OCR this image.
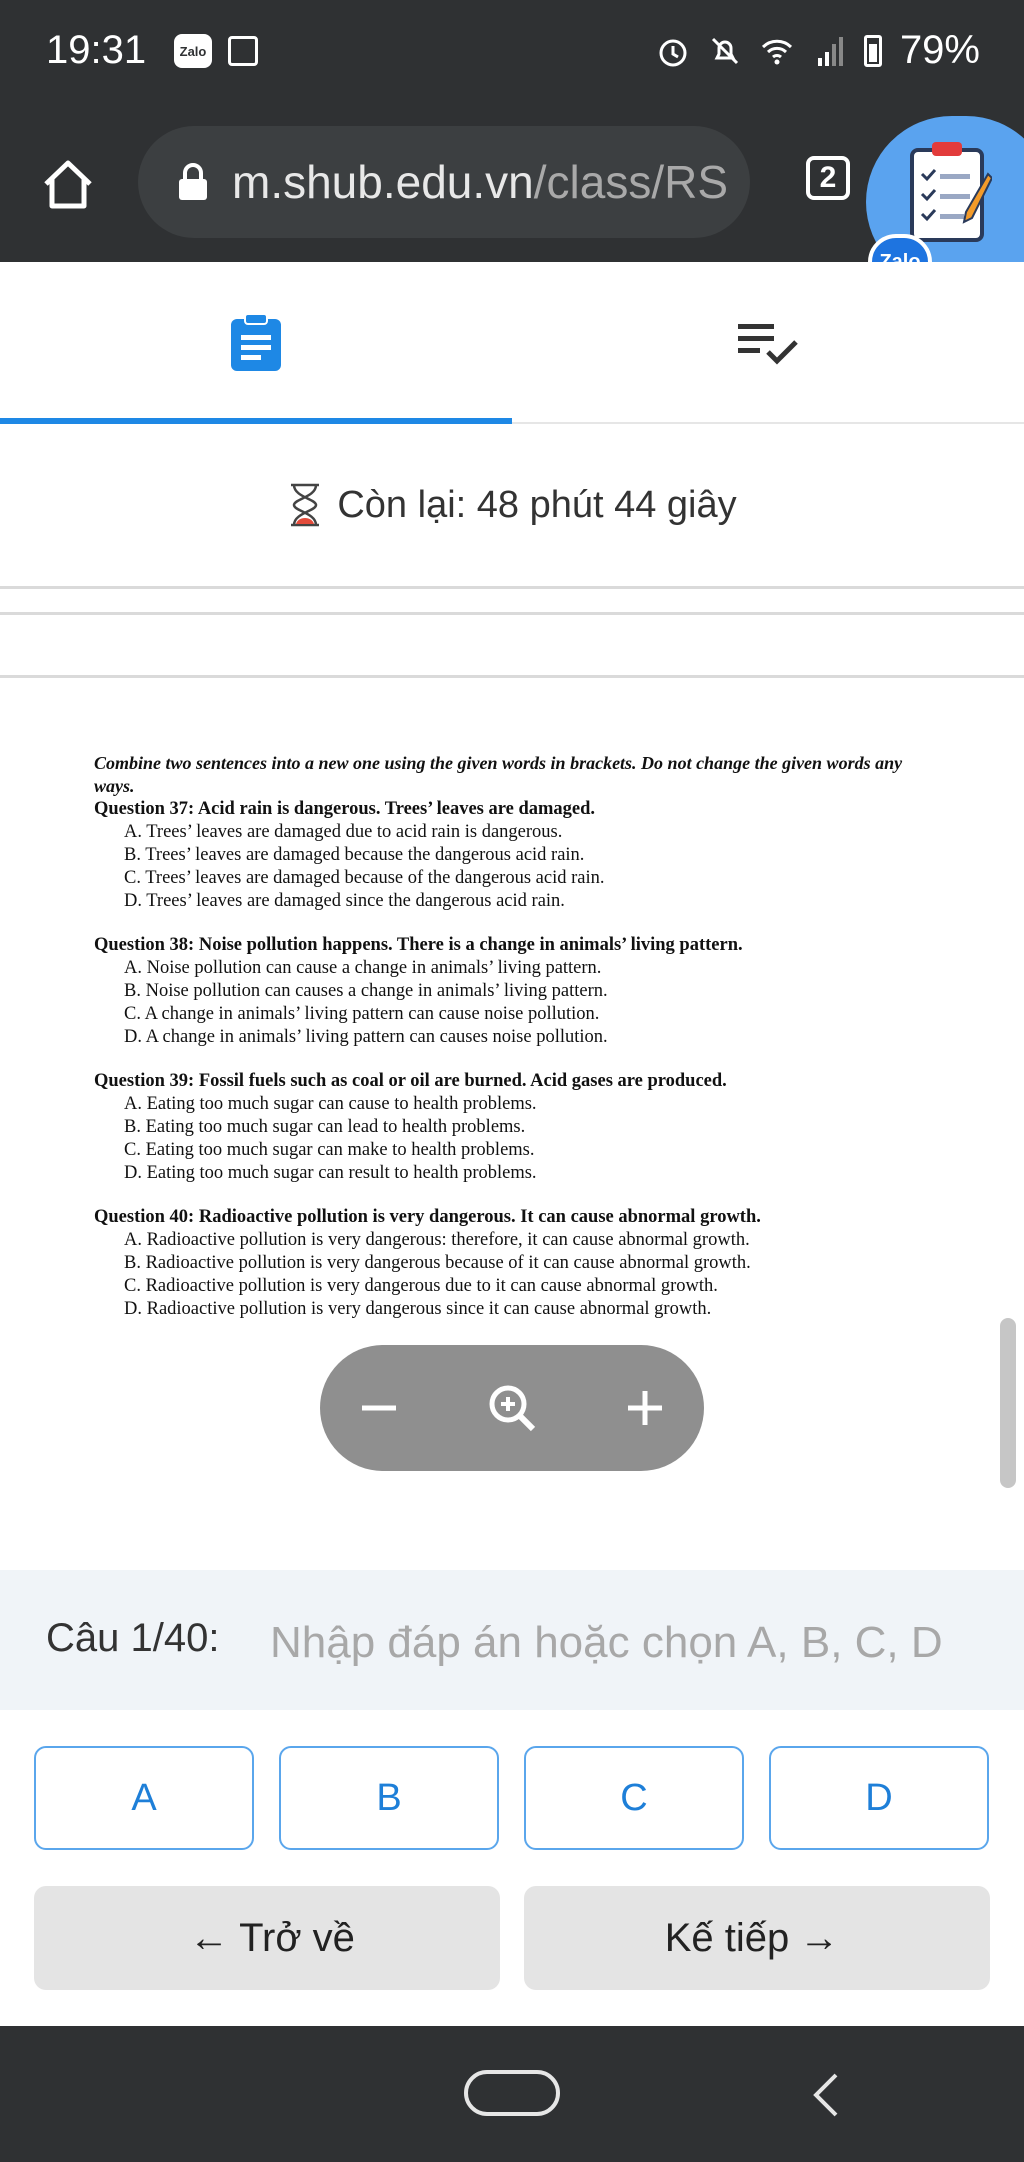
19:31	Zalo	79%
m.shub.edu.vn/class/RS	2
Còn lại: 48 phút 44 giây
Combine two sentences into a new one using the given words in brackets. Do not change the given words any ways.
Question 37: Acid rain is dangerous. Trees’ leaves are damaged.
A. Trees’ leaves are damaged due to acid rain is dangerous.
B. Trees’ leaves are damaged because the dangerous acid rain.
C. Trees’ leaves are damaged because of the dangerous acid rain.
D. Trees’ leaves are damaged since the dangerous acid rain.
Question 38: Noise pollution happens. There is a change in animals’ living pattern.
A. Noise pollution can cause a change in animals’ living pattern.
B. Noise pollution can causes a change in animals’ living pattern.
C. A change in animals’ living pattern can cause noise pollution.
D. A change in animals’ living pattern can causes noise pollution.
Question 39: Fossil fuels such as coal or oil are burned. Acid gases are produced.
A. Eating too much sugar can cause to health problems.
B. Eating too much sugar can lead to health problems.
C. Eating too much sugar can make to health problems.
D. Eating too much sugar can result to health problems.
Question 40: Radioactive pollution is very dangerous. It can cause abnormal growth.
A. Radioactive pollution is very dangerous: therefore, it can cause abnormal growth.
B. Radioactive pollution is very dangerous because of it can cause abnormal growth.
C. Radioactive pollution is very dangerous due to it can cause abnormal growth.
D. Radioactive pollution is very dangerous since it can cause abnormal growth.
Câu 1/40:
Nhập đáp án hoặc chọn A, B, C, D
A	B	C	D
← Trở về	Kế tiếp →
